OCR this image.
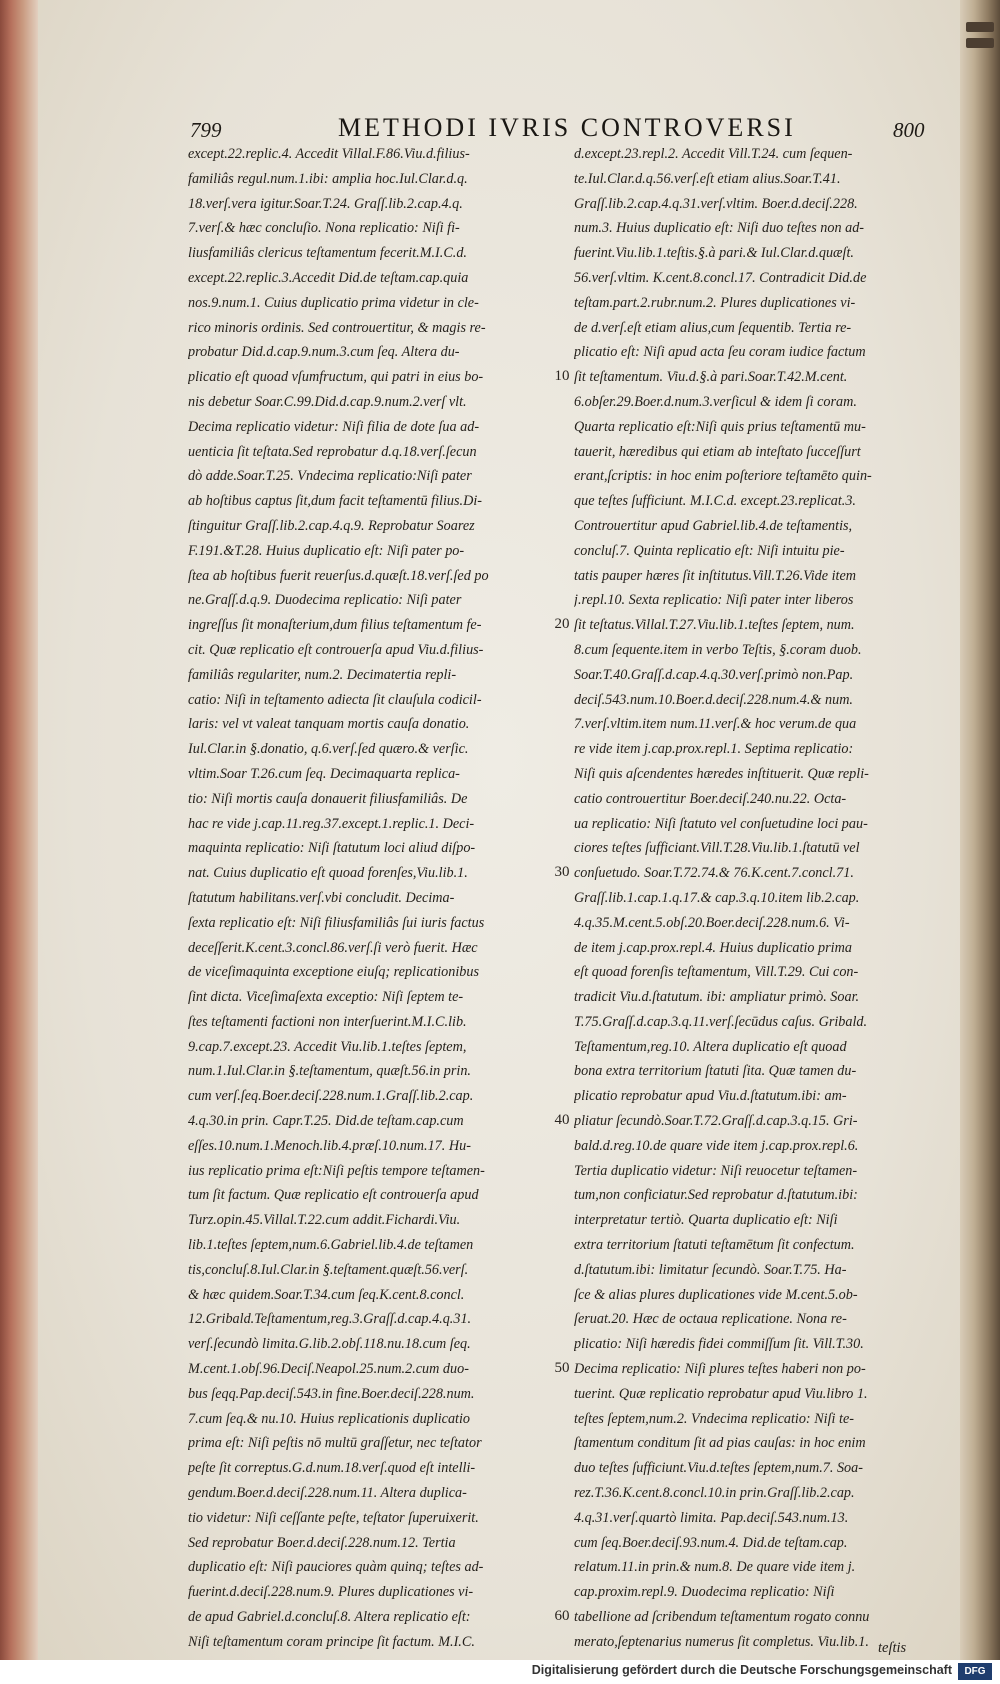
799	METHODI IVRIS CONTROVERSI	800
except.22.replic.4. Accedit Villal.F.86.Viu.d.filius-
familiâs regul.num.1.ibi: amplia hoc.Iul.Clar.d.q.
18.verſ.vera igitur.Soar.T.24. Graſſ.lib.2.cap.4.q.
7.verſ.& hæc concluſio. Nona replicatio: Niſi fi-
liusfamiliâs clericus teſtamentum fecerit.M.I.C.d.
except.22.replic.3.Accedit Did.de teſtam.cap.quia
nos.9.num.1. Cuius duplicatio prima videtur in cle-
rico minoris ordinis. Sed controuertitur, & magis re-
probatur Did.d.cap.9.num.3.cum ſeq. Altera du-
plicatio eſt quoad vſumfructum, qui patri in eius bo-
nis debetur Soar.C.99.Did.d.cap.9.num.2.verſ vlt.
Decima replicatio videtur: Niſi filia de dote ſua ad-
uenticia ſit teſtata.Sed reprobatur d.q.18.verſ.ſecun
dò adde.Soar.T.25. Vndecima replicatio:Niſi pater
ab hoſtibus captus ſit,dum facit teſtamentū filius.Di-
ſtinguitur Graſſ.lib.2.cap.4.q.9. Reprobatur Soarez
F.191.&T.28. Huius duplicatio eſt: Niſi pater po-
ſtea ab hoſtibus fuerit reuerſus.d.quæſt.18.verſ.ſed po
ne.Graſſ.d.q.9. Duodecima replicatio: Niſi pater
ingreſſus ſit monaſterium,dum filius teſtamentum fe-
cit. Quæ replicatio eſt controuerſa apud Viu.d.filius-
familiâs regulariter, num.2. Decimatertia repli-
catio: Niſi in teſtamento adiecta ſit clauſula codicil-
laris: vel vt valeat tanquam mortis cauſa donatio.
Iul.Clar.in §.donatio, q.6.verſ.ſed quæro.& verſic.
vltim.Soar T.26.cum ſeq. Decimaquarta replica-
tio: Niſi mortis cauſa donauerit filiusfamiliâs. De
hac re vide j.cap.11.reg.37.except.1.replic.1. Deci-
maquinta replicatio: Niſi ſtatutum loci aliud diſpo-
nat. Cuius duplicatio eſt quoad forenſes,Viu.lib.1.
ſtatutum habilitans.verſ.vbi concludit. Decima-
ſexta replicatio eſt: Niſi filiusfamiliâs ſui iuris factus
deceſſerit.K.cent.3.concl.86.verſ.ſi verò fuerit. Hæc
de viceſimaquinta exceptione eiuſq; replicationibus
ſint dicta. Viceſimaſexta exceptio: Niſi ſeptem te-
ſtes teſtamenti factioni non interſuerint.M.I.C.lib.
9.cap.7.except.23. Accedit Viu.lib.1.teſtes ſeptem,
num.1.Iul.Clar.in §.teſtamentum, quæſt.56.in prin.
cum verſ.ſeq.Boer.deciſ.228.num.1.Graſſ.lib.2.cap.
4.q.30.in prin. Capr.T.25. Did.de teſtam.cap.cum
eſſes.10.num.1.Menoch.lib.4.præſ.10.num.17. Hu-
ius replicatio prima eſt:Niſi peſtis tempore teſtamen-
tum ſit factum. Quæ replicatio eſt controuerſa apud
Turz.opin.45.Villal.T.22.cum addit.Fichardi.Viu.
lib.1.teſtes ſeptem,num.6.Gabriel.lib.4.de teſtamen
tis,concluſ.8.Iul.Clar.in §.teſtament.quæſt.56.verſ.
& hæc quidem.Soar.T.34.cum ſeq.K.cent.8.concl.
12.Gribald.Teſtamentum,reg.3.Graſſ.d.cap.4.q.31.
verſ.ſecundò limita.G.lib.2.obſ.118.nu.18.cum ſeq.
M.cent.1.obſ.96.Deciſ.Neapol.25.num.2.cum duo-
bus ſeqq.Pap.deciſ.543.in fine.Boer.deciſ.228.num.
7.cum ſeq.& nu.10. Huius replicationis duplicatio
prima eſt: Niſi peſtis nō multū graſſetur, nec teſtator
peſte ſit correptus.G.d.num.18.verſ.quod eſt intelli-
gendum.Boer.d.deciſ.228.num.11. Altera duplica-
tio videtur: Niſi ceſſante peſte, teſtator ſuperuixerit.
Sed reprobatur Boer.d.deciſ.228.num.12. Tertia
duplicatio eſt: Niſi pauciores quàm quinq; teſtes ad-
fuerint.d.deciſ.228.num.9. Plures duplicationes vi-
de apud Gabriel.d.concluſ.8. Altera replicatio eſt:
Niſi teſtamentum coram principe ſit factum. M.I.C.
d.except.23.repl.2. Accedit Vill.T.24. cum ſequen-
te.Iul.Clar.d.q.56.verſ.eſt etiam alius.Soar.T.41.
Graſſ.lib.2.cap.4.q.31.verſ.vltim. Boer.d.deciſ.228.
num.3. Huius duplicatio eſt: Niſi duo teſtes non ad-
fuerint.Viu.lib.1.teſtis.§.à pari.& Iul.Clar.d.quæſt.
56.verſ.vltim. K.cent.8.concl.17. Contradicit Did.de
teſtam.part.2.rubr.num.2. Plures duplicationes vi-
de d.verſ.eſt etiam alius,cum ſequentib. Tertia re-
plicatio eſt: Niſi apud acta ſeu coram iudice factum
ſit teſtamentum. Viu.d.§.à pari.Soar.T.42.M.cent.
6.obſer.29.Boer.d.num.3.verſicul & idem ſi coram.
Quarta replicatio eſt:Niſi quis prius teſtamentū mu-
tauerit, hæredibus qui etiam ab inteſtato ſucceſſurt
erant,ſcriptis: in hoc enim poſteriore teſtamēto quin-
que teſtes ſufficiunt. M.I.C.d. except.23.replicat.3.
Controuertitur apud Gabriel.lib.4.de teſtamentis,
concluſ.7. Quinta replicatio eſt: Niſi intuitu pie-
tatis pauper hæres ſit inſtitutus.Vill.T.26.Vide item
j.repl.10. Sexta replicatio: Niſi pater inter liberos
ſit teſtatus.Villal.T.27.Viu.lib.1.teſtes ſeptem, num.
8.cum ſequente.item in verbo Teſtis, §.coram duob.
Soar.T.40.Graſſ.d.cap.4.q.30.verſ.primò non.Pap.
deciſ.543.num.10.Boer.d.deciſ.228.num.4.& num.
7.verſ.vltim.item num.11.verſ.& hoc verum.de qua
re vide item j.cap.prox.repl.1. Septima replicatio:
Niſi quis aſcendentes hæredes inſtituerit. Quæ repli-
catio controuertitur Boer.deciſ.240.nu.22. Octa-
ua replicatio: Niſi ſtatuto vel conſuetudine loci pau-
ciores teſtes ſufficiant.Vill.T.28.Viu.lib.1.ſtatutū vel
conſuetudo. Soar.T.72.74.& 76.K.cent.7.concl.71.
Graſſ.lib.1.cap.1.q.17.& cap.3.q.10.item lib.2.cap.
4.q.35.M.cent.5.obſ.20.Boer.deciſ.228.num.6. Vi-
de item j.cap.prox.repl.4. Huius duplicatio prima
eſt quoad forenſis teſtamentum, Vill.T.29. Cui con-
tradicit Viu.d.ſtatutum. ibi: ampliatur primò. Soar.
T.75.Graſſ.d.cap.3.q.11.verſ.ſecūdus caſus. Gribald.
Teſtamentum,reg.10. Altera duplicatio eſt quoad
bona extra territorium ſtatuti ſita. Quæ tamen du-
plicatio reprobatur apud Viu.d.ſtatutum.ibi: am-
pliatur ſecundò.Soar.T.72.Graſſ.d.cap.3.q.15. Gri-
bald.d.reg.10.de quare vide item j.cap.prox.repl.6.
Tertia duplicatio videtur: Niſi reuocetur teſtamen-
tum,non conficiatur.Sed reprobatur d.ſtatutum.ibi:
interpretatur tertiò. Quarta duplicatio eſt: Niſi
extra territorium ſtatuti teſtamētum ſit confectum.
d.ſtatutum.ibi: limitatur ſecundò. Soar.T.75. Ha-
ſce & alias plures duplicationes vide M.cent.5.ob-
ſeruat.20. Hæc de octaua replicatione. Nona re-
plicatio: Niſi hæredis fidei commiſſum ſit. Vill.T.30.
Decima replicatio: Niſi plures teſtes haberi non po-
tuerint. Quæ replicatio reprobatur apud Viu.libro 1.
teſtes ſeptem,num.2. Vndecima replicatio: Niſi te-
ſtamentum conditum ſit ad pias cauſas: in hoc enim
duo teſtes ſufficiunt.Viu.d.teſtes ſeptem,num.7. Soa-
rez.T.36.K.cent.8.concl.10.in prin.Graſſ.lib.2.cap.
4.q.31.verſ.quartò limita. Pap.deciſ.543.num.13.
cum ſeq.Boer.deciſ.93.num.4. Did.de teſtam.cap.
relatum.11.in prin.& num.8. De quare vide item j.
cap.proxim.repl.9. Duodecima replicatio: Niſi
tabellione ad ſcribendum teſtamentum rogato connu
merato,ſeptenarius numerus ſit completus. Viu.lib.1.
10
20
30
40
50
60
teſtis
Digitalisierung gefördert durch die Deutsche Forschungsgemeinschaft	DFG
